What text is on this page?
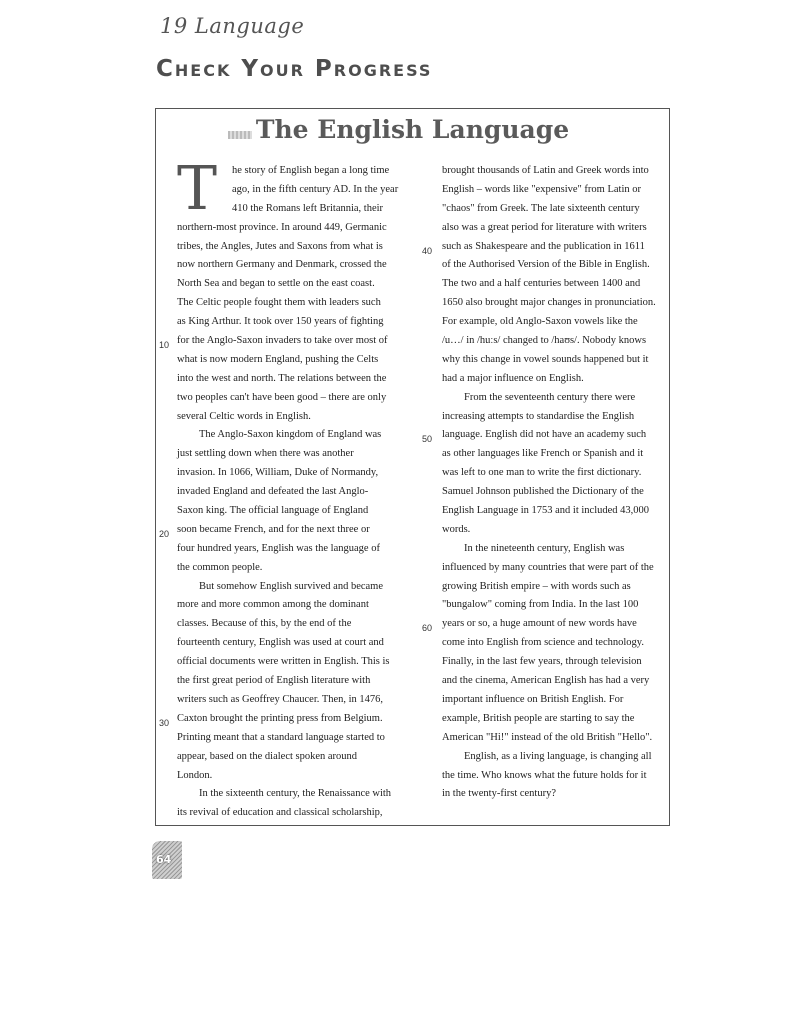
19 Language
Check Your Progress
The English Language
he story of English began a long time
ago, in the fifth century AD. In the year
410 the Romans left Britannia, their
northern-most province. In around 449, Germanic
tribes, the Angles, Jutes and Saxons from what is
now northern Germany and Denmark, crossed the
North Sea and began to settle on the east coast.
The Celtic people fought them with leaders such
as King Arthur. It took over 150 years of fighting
for the Anglo-Saxon invaders to take over most of
10
what is now modern England, pushing the Celts
into the west and north. The relations between the
two peoples can't have been good – there are only
several Celtic words in English.
The Anglo-Saxon kingdom of England was
just settling down when there was another
invasion. In 1066, William, Duke of Normandy,
invaded England and defeated the last Anglo-
Saxon king. The official language of England
soon became French, and for the next three or
20
four hundred years, English was the language of
the common people.
But somehow English survived and became
more and more common among the dominant
classes. Because of this, by the end of the
fourteenth century, English was used at court and
official documents were written in English. This is
the first great period of English literature with
writers such as Geoffrey Chaucer. Then, in 1476,
Caxton brought the printing press from Belgium.
30
Printing meant that a standard language started to
appear, based on the dialect spoken around
London.
In the sixteenth century, the Renaissance with
its revival of education and classical scholarship,
T	brought thousands of Latin and Greek words into
English – words like "expensive" from Latin or
"chaos" from Greek. The late sixteenth century
also was a great period for literature with writers
such as Shakespeare and the publication in 1611
40
of the Authorised Version of the Bible in English.
The two and a half centuries between 1400 and
1650 also brought major changes in pronunciation.
For example, old Anglo-Saxon vowels like the
/u…/ in /huːs/ changed to /haʊs/. Nobody knows
why this change in vowel sounds happened but it
had a major influence on English.
From the seventeenth century there were
increasing attempts to standardise the English
language. English did not have an academy such
50
as other languages like French or Spanish and it
was left to one man to write the first dictionary.
Samuel Johnson published the Dictionary of the
English Language in 1753 and it included 43,000
words.
In the nineteenth century, English was
influenced by many countries that were part of the
growing British empire – with words such as
"bungalow" coming from India. In the last 100
years or so, a huge amount of new words have
60
come into English from science and technology.
Finally, in the last few years, through television
and the cinema, American English has had a very
important influence on British English. For
example, British people are starting to say the
American "Hi!" instead of the old British "Hello".
English, as a living language, is changing all
the time. Who knows what the future holds for it
in the twenty-first century?
64
